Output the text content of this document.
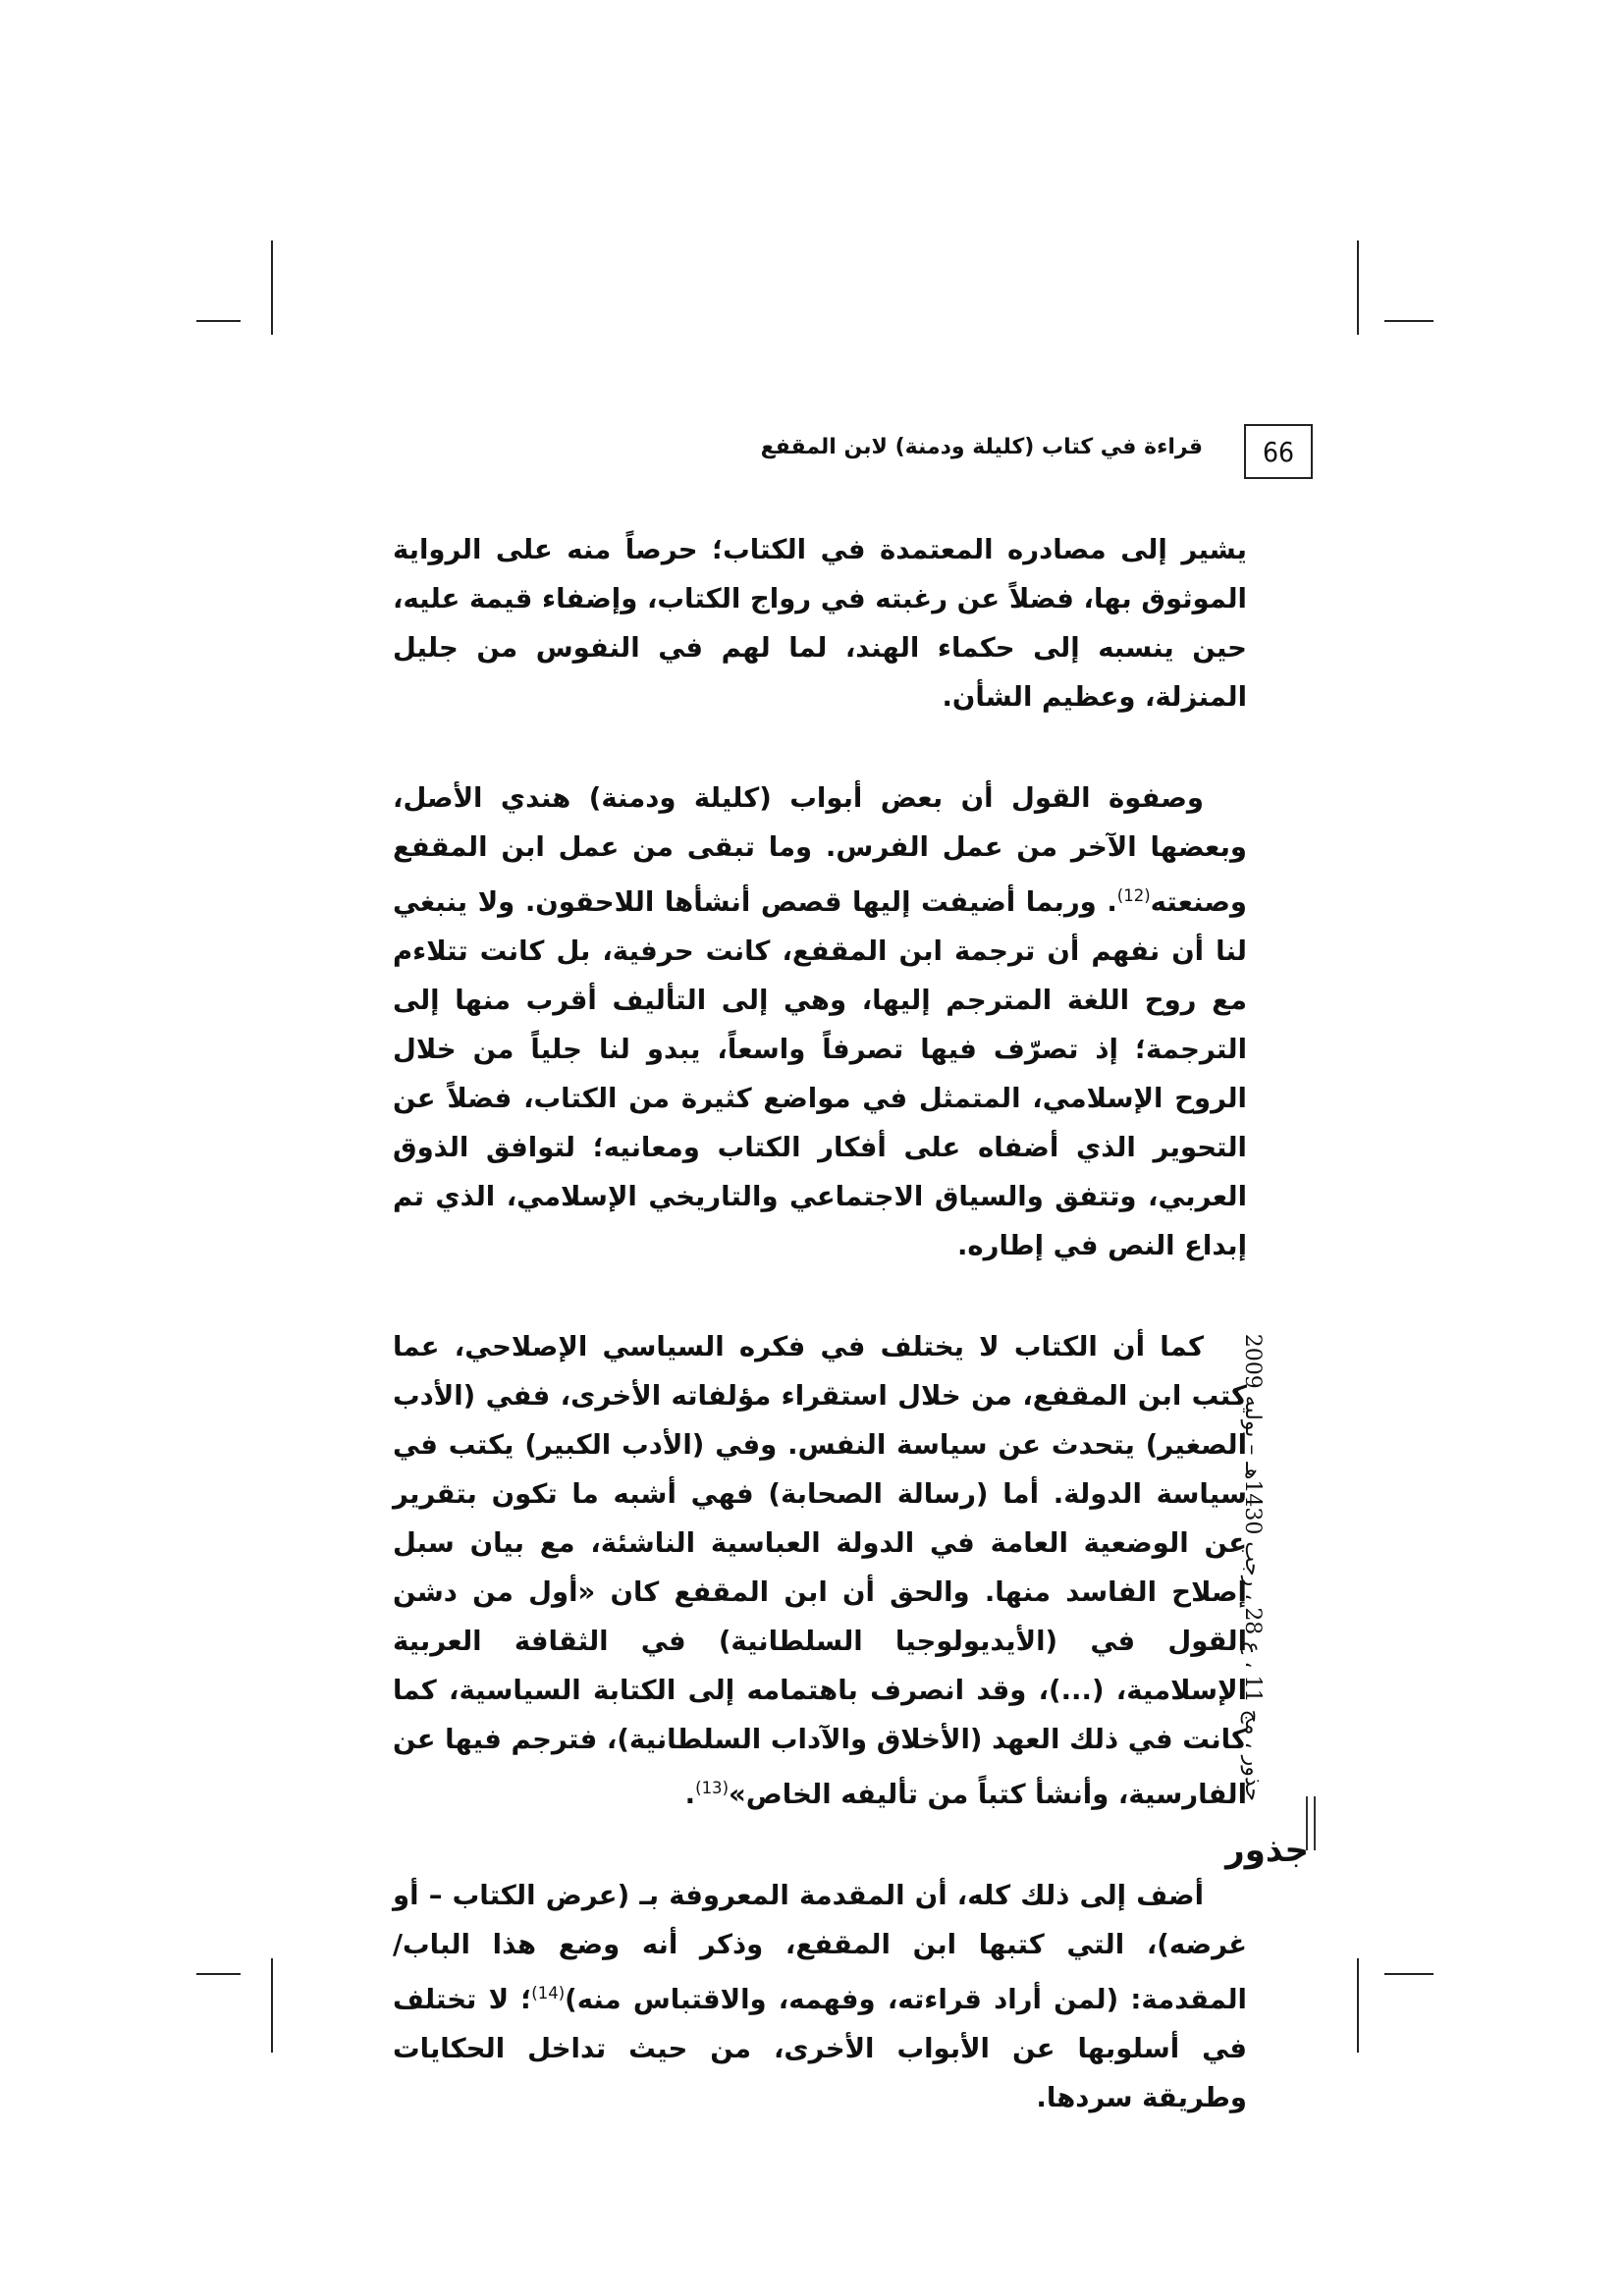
66
قراءة في كتاب (كليلة ودمنة) لابن المقفع

يشير إلى مصادره المعتمدة في الكتاب؛ حرصاً منه على الرواية الموثوق بها، فضلاً عن رغبته في رواج الكتاب، وإضفاء قيمة عليه، حين ينسبه إلى حكماء الهند، لما لهم في النفوس من جليل المنزلة، وعظيم الشأن.

وصفوة القول أن بعض أبواب (كليلة ودمنة) هندي الأصل، وبعضها الآخر من عمل الفرس. وما تبقى من عمل ابن المقفع وصنعته$^{(12)}$. وربما أضيفت إليها قصص أنشأها اللاحقون. ولا ينبغي لنا أن نفهم أن ترجمة ابن المقفع، كانت حرفية، بل كانت تتلاءم مع روح اللغة المترجم إليها، وهي إلى التأليف أقرب منها إلى الترجمة؛ إذ تصرّف فيها تصرفاً واسعاً، يبدو لنا جلياً من خلال الروح الإسلامي، المتمثل في مواضع كثيرة من الكتاب، فضلاً عن التحوير الذي أضفاه على أفكار الكتاب ومعانيه؛ لتوافق الذوق العربي، وتتفق والسياق الاجتماعي والتاريخي الإسلامي، الذي تم إبداع النص في إطاره.

كما أن الكتاب لا يختلف في فكره السياسي الإصلاحي، عما كتب ابن المقفع، من خلال استقراء مؤلفاته الأخرى، ففي (الأدب الصغير) يتحدث عن سياسة النفس. وفي (الأدب الكبير) يكتب في سياسة الدولة. أما (رسالة الصحابة) فهي أشبه ما تكون بتقرير عن الوضعية العامة في الدولة العباسية الناشئة، مع بيان سبل إصلاح الفاسد منها. والحق أن ابن المقفع كان «أول من دشن القول في (الأيديولوجيا السلطانية) في الثقافة العربية الإسلامية، (...)، وقد انصرف باهتمامه إلى الكتابة السياسية، كما كانت في ذلك العهد (الأخلاق والآداب السلطانية)، فترجم فيها عن الفارسية، وأنشأ كتباً من تأليفه الخاص»$^{(13)}$.

أضف إلى ذلك كله، أن المقدمة المعروفة بـ (عرض الكتاب – أو غرضه)، التي كتبها ابن المقفع، وذكر أنه وضع هذا الباب/ المقدمة: (لمن أراد قراءته، وفهمه، والاقتباس منه)$^{(14)}$؛ لا تختلف في أسلوبها عن الأبواب الأخرى، من حيث تداخل الحكايات وطريقة سردها.

جذور ، مج 11 ، ع 28 ، رجب 1430هـ – يوليه 2009
جذور
